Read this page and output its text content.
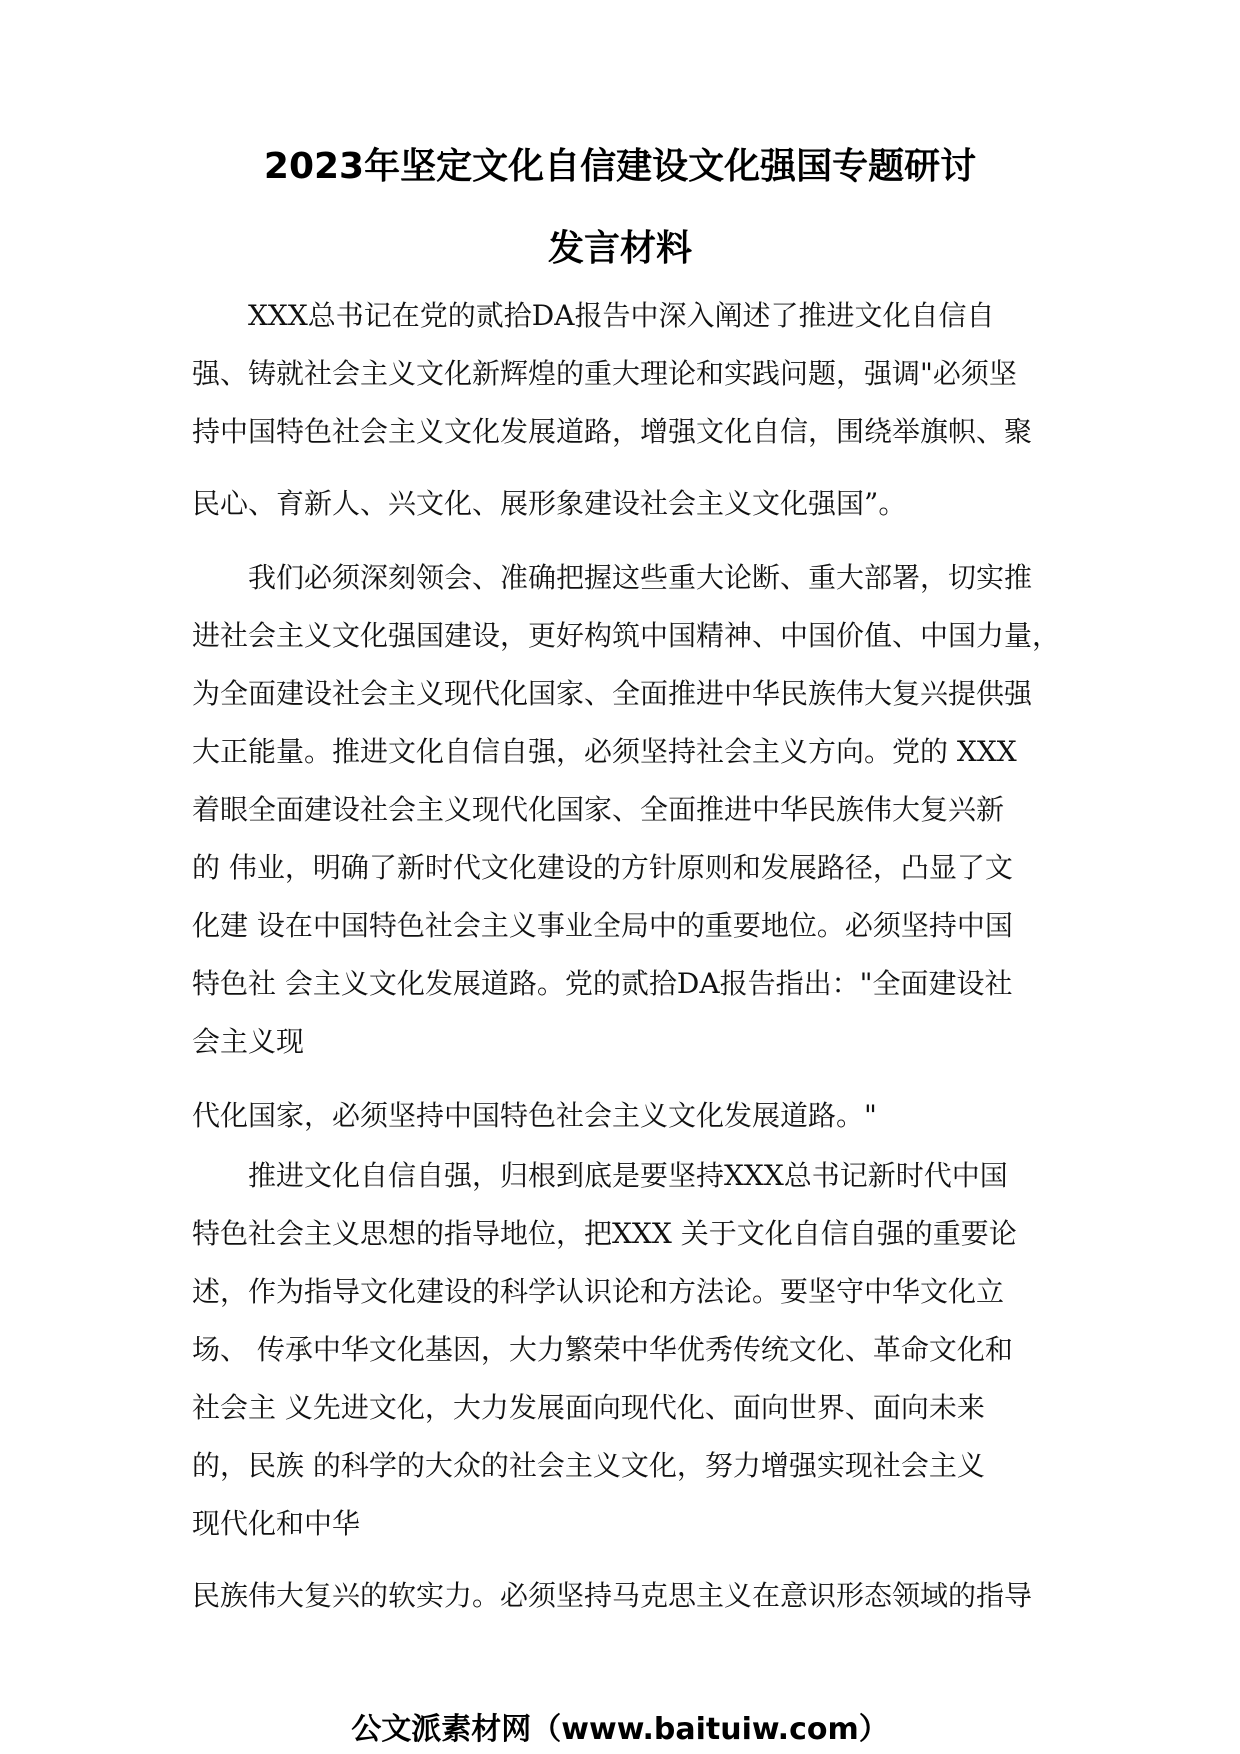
2023年坚定文化自信建设文化强国专题研讨
发言材料
XXX总书记在党的贰拾DA报告中深入阐述了推进文化自信自
强、铸就社会主义文化新辉煌的重大理论和实践问题，强调"必须坚
持中国特色社会主义文化发展道路，增强文化自信，围绕举旗帜、聚
民心、育新人、兴文化、展形象建设社会主义文化强国”。
我们必须深刻领会、准确把握这些重大论断、重大部署，切实推
进社会主义文化强国建设，更好构筑中国精神、中国价值、中国力量，
为全面建设社会主义现代化国家、全面推进中华民族伟大复兴提供强
大正能量。推进文化自信自强，必须坚持社会主义方向。党的 XXX
着眼全面建设社会主义现代化国家、全面推进中华民族伟大复兴新
的 伟业，明确了新时代文化建设的方针原则和发展路径，凸显了文
化建 设在中国特色社会主义事业全局中的重要地位。必须坚持中国
特色社 会主义文化发展道路。党的贰拾DA报告指出："全面建设社
会主义现
代化国家，必须坚持中国特色社会主义文化发展道路。"
推进文化自信自强，归根到底是要坚持XXX总书记新时代中国
特色社会主义思想的指导地位，把XXX 关于文化自信自强的重要论
述，作为指导文化建设的科学认识论和方法论。要坚守中华文化立
场、 传承中华文化基因，大力繁荣中华优秀传统文化、革命文化和
社会主 义先进文化，大力发展面向现代化、面向世界、面向未来
的，民族 的科学的大众的社会主义文化，努力增强实现社会主义
现代化和中华
民族伟大复兴的软实力。必须坚持马克思主义在意识形态领域的指导
公文派素材网（www.baituiw.com）
